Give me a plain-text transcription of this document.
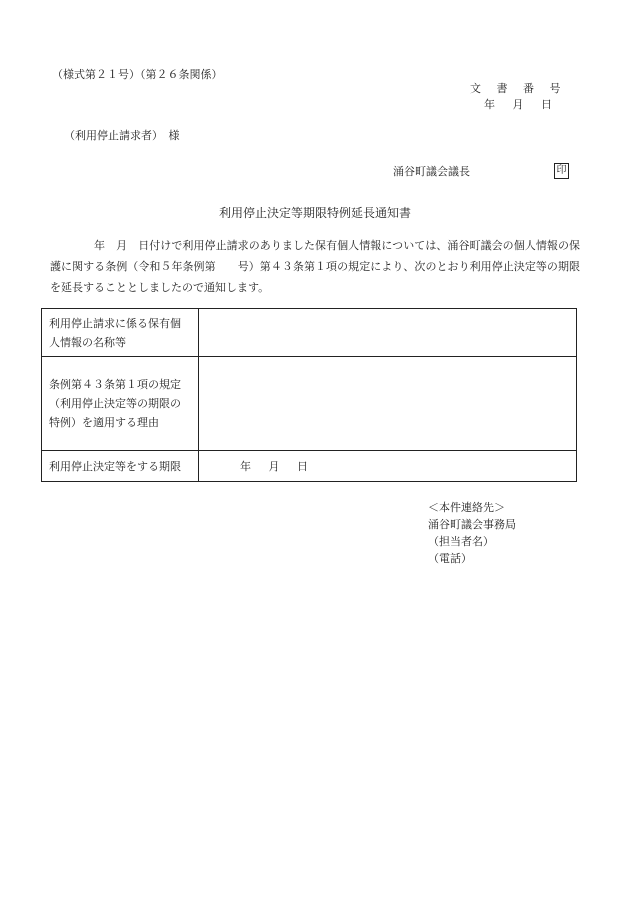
（様式第２１号）（第２６条関係）
文 書 番 号
年 月 日
（利用停止請求者）　様
涌谷町議会議長	印
利用停止決定等期限特例延長通知書
年　月　日付けで利用停止請求のありました保有個人情報については、涌谷町議会の個人情報の保護に関する条例（令和５年条例第　　号）第４３条第１項の規定により、次のとおり利用停止決定等の期限を延長することとしましたので通知します。
利用停止請求に係る保有個人情報の名称等	
条例第４３条第１項の規定（利用停止決定等の期限の特例）を適用する理由	
利用停止決定等をする期限	年 月 日
＜本件連絡先＞
涌谷町議会事務局
（担当者名）
（電話）
